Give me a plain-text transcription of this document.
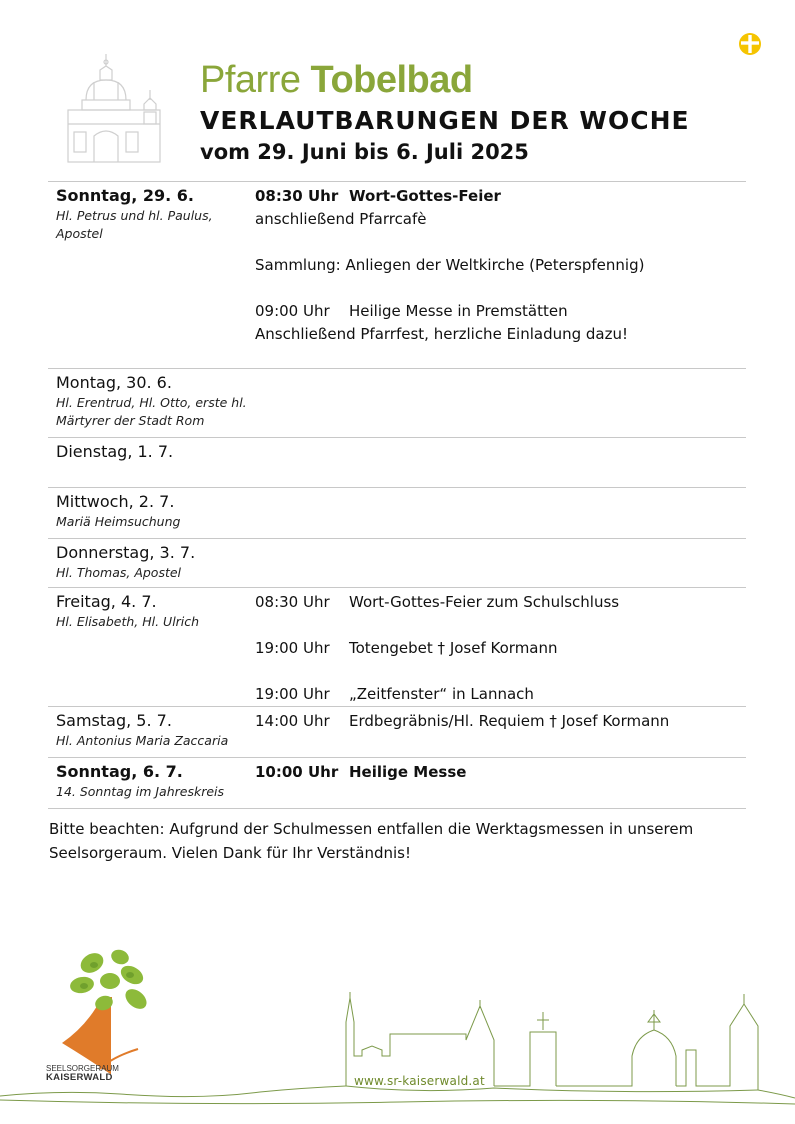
Pfarre Tobelbad
VERLAUTBARUNGEN DER WOCHE
vom 29. Juni bis 6. Juli 2025
Sonntag, 29. 6.
Hl. Petrus und hl. Paulus, Apostel
08:30 Uhr Wort-Gottes-Feier
anschließend Pfarrcafè
Sammlung: Anliegen der Weltkirche (Peterspfennig)
09:00 Uhr Heilige Messe in Premstätten
Anschließend Pfarrfest, herzliche Einladung dazu!
Montag, 30. 6.
Hl. Erentrud, Hl. Otto, erste hl. Märtyrer der Stadt Rom
Dienstag, 1. 7.
Mittwoch, 2. 7.
Mariä Heimsuchung
Donnerstag, 3. 7.
Hl. Thomas, Apostel
Freitag, 4. 7.
Hl. Elisabeth, Hl. Ulrich
08:30 Uhr Wort-Gottes-Feier zum Schulschluss
19:00 Uhr Totengebet † Josef Kormann
19:00 Uhr „Zeitfenster“ in Lannach
Samstag, 5. 7.
Hl. Antonius Maria Zaccaria
14:00 Uhr Erdbegräbnis/Hl. Requiem † Josef Kormann
Sonntag, 6. 7.
14. Sonntag im Jahreskreis
10:00 Uhr Heilige Messe
Bitte beachten: Aufgrund der Schulmessen entfallen die Werktagsmessen in unserem Seelsorgeraum. Vielen Dank für Ihr Verständnis!
SEELSORGERAUM
KAISERWALD	www.sr-kaiserwald.at
